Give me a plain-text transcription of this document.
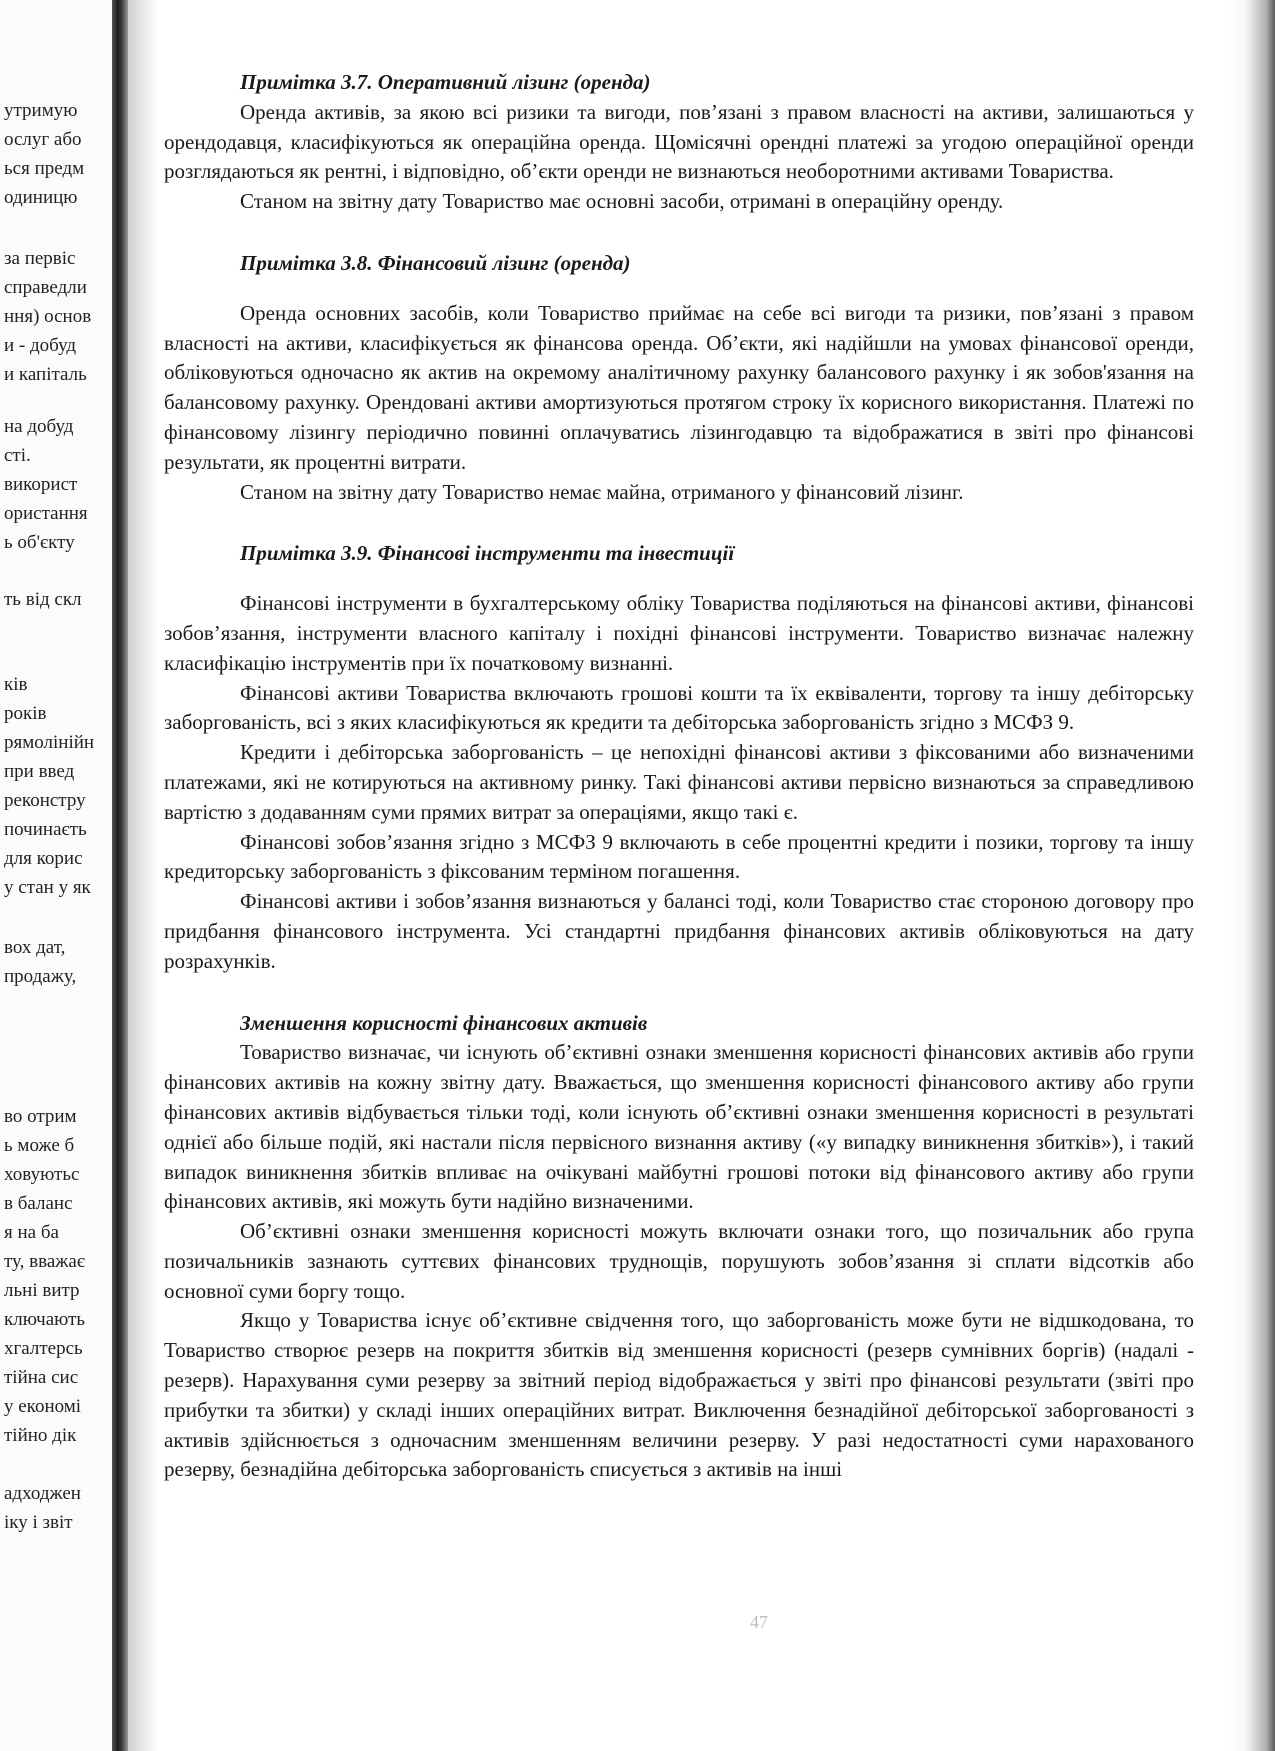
утримую
ослуг або
ься предм
одиницю
за первіс
справедли
ння) основ
и - добуд
и капіталь
на добуд
сті.
використ
ористання
ь об'єкту
ть від скл
ків
років
рямолінійн
при введ
реконстру
починаєть
для корис
у стан у як
вох дат,
продажу,
во отрим
ь може б
ховуютьс
в баланс
я на ба
ту, вважає
льні витр
ключають
хгалтерсь
тійна сис
у економі
тійно дік
адходжен
іку і звіт
Примітка 3.7. Оперативний лізинг (оренда)

Оренда активів, за якою всі ризики та вигоди, пов’язані з правом власності на активи, залишаються у орендодавця, класифікуються як операційна оренда. Щомісячні орендні платежі за угодою операційної оренди розглядаються як рентні, і відповідно, об’єкти оренди не визнаються необоротними активами Товариства.

Станом на звітну дату Товариство має основні засоби, отримані в операційну оренду.

Примітка 3.8. Фінансовий лізинг (оренда)

Оренда основних засобів, коли Товариство приймає на себе всі вигоди та ризики, пов’язані з правом власності на активи, класифікується як фінансова оренда. Об’єкти, які надійшли на умовах фінансової оренди, обліковуються одночасно як актив на окремому аналітичному рахунку балансового рахунку і як зобов'язання на балансовому рахунку. Орендовані активи амортизуються протягом строку їх корисного використання. Платежі по фінансовому лізингу періодично повинні оплачуватись лізингодавцю та відображатися в звіті про фінансові результати, як процентні витрати.

Станом на звітну дату Товариство немає майна, отриманого у фінансовий лізинг.

Примітка 3.9. Фінансові інструменти та інвестиції

Фінансові інструменти в бухгалтерському обліку Товариства поділяються на фінансові активи, фінансові зобов’язання, інструменти власного капіталу і похідні фінансові інструменти. Товариство визначає належну класифікацію інструментів при їх початковому визнанні.

Фінансові активи Товариства включають грошові кошти та їх еквіваленти, торгову та іншу дебіторську заборгованість, всі з яких класифікуються як кредити та дебіторська заборгованість згідно з МСФЗ 9.

Кредити і дебіторська заборгованість – це непохідні фінансові активи з фіксованими або визначеними платежами, які не котируються на активному ринку. Такі фінансові активи первісно визнаються за справедливою вартістю з додаванням суми прямих витрат за операціями, якщо такі є.

Фінансові зобов’язання згідно з МСФЗ 9 включають в себе процентні кредити і позики, торгову та іншу кредиторську заборгованість з фіксованим терміном погашення.

Фінансові активи і зобов’язання визнаються у балансі тоді, коли Товариство стає стороною договору про придбання фінансового інструмента. Усі стандартні придбання фінансових активів обліковуються на дату розрахунків.

Зменшення корисності фінансових активів

Товариство визначає, чи існують об’єктивні ознаки зменшення корисності фінансових активів або групи фінансових активів на кожну звітну дату. Вважається, що зменшення корисності фінансового активу або групи фінансових активів відбувається тільки тоді, коли існують об’єктивні ознаки зменшення корисності в результаті однієї або більше подій, які настали після первісного визнання активу («у випадку виникнення збитків»), і такий випадок виникнення збитків впливає на очікувані майбутні грошові потоки від фінансового активу або групи фінансових активів, які можуть бути надійно визначеними.

Об’єктивні ознаки зменшення корисності можуть включати ознаки того, що позичальник або група позичальників зазнають суттєвих фінансових труднощів, порушують зобов’язання зі сплати відсотків або основної суми боргу тощо.

Якщо у Товариства існує об’єктивне свідчення того, що заборгованість може бути не відшкодована, то Товариство створює резерв на покриття збитків від зменшення корисності (резерв сумнівних боргів) (надалі - резерв). Нарахування суми резерву за звітний період відображається у звіті про фінансові результати (звіті про прибутки та збитки) у складі інших операційних витрат. Виключення безнадійної дебіторської заборгованості з активів здійснюється з одночасним зменшенням величини резерву. У разі недостатності суми нарахованого резерву, безнадійна дебіторська заборгованість списується з активів на інші

47
